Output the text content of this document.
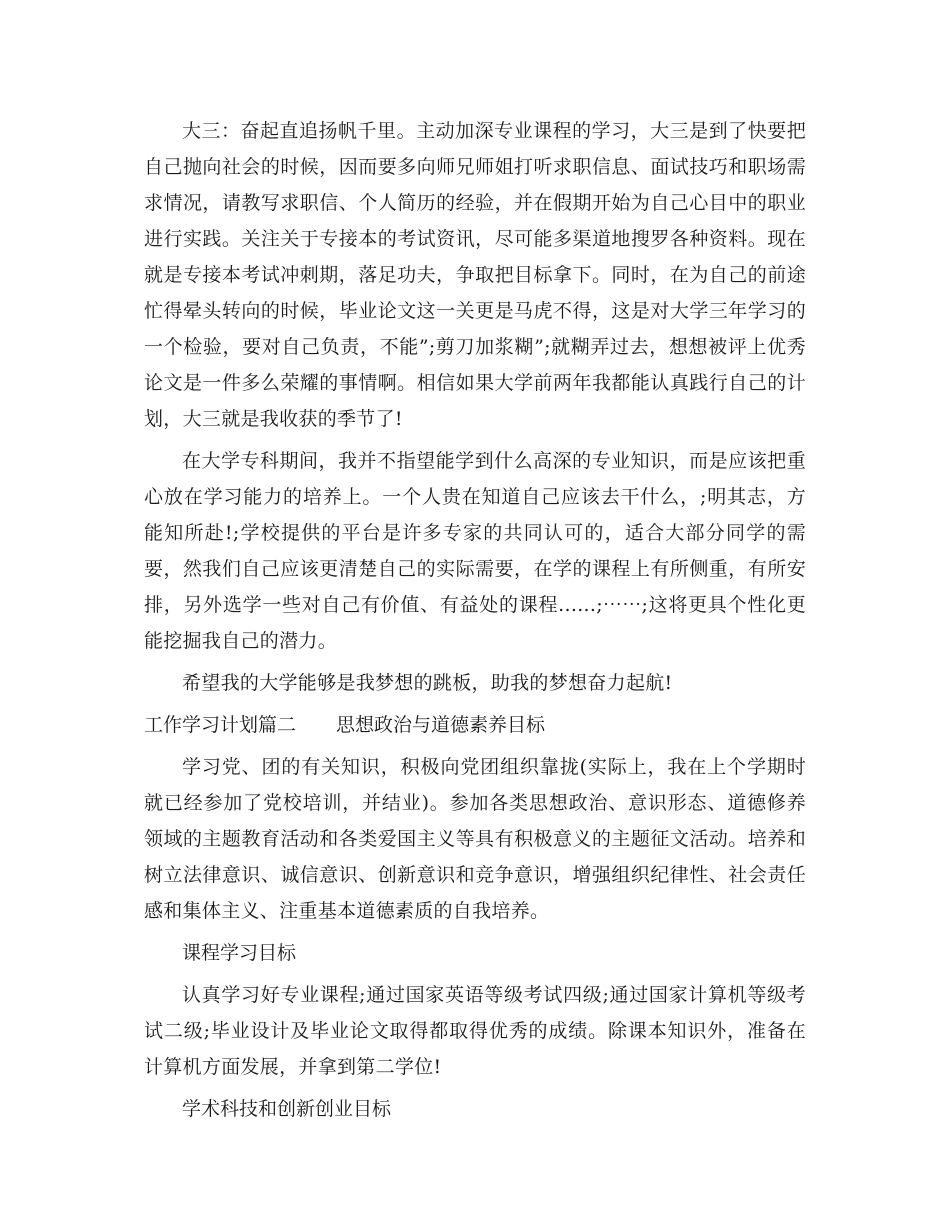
大三：奋起直追扬帆千里。主动加深专业课程的学习，大三是到了快要把自己抛向社会的时候，因而要多向师兄师姐打听求职信息、面试技巧和职场需求情况，请教写求职信、个人简历的经验，并在假期开始为自己心目中的职业进行实践。关注关于专接本的考试资讯，尽可能多渠道地搜罗各种资料。现在就是专接本考试冲刺期，落足功夫，争取把目标拿下。同时，在为自己的前途忙得晕头转向的时候，毕业论文这一关更是马虎不得，这是对大学三年学习的一个检验，要对自己负责，不能”;剪刀加浆糊”;就糊弄过去，想想被评上优秀论文是一件多么荣耀的事情啊。相信如果大学前两年我都能认真践行自己的计划，大三就是我收获的季节了!

在大学专科期间，我并不指望能学到什么高深的专业知识，而是应该把重心放在学习能力的培养上。一个人贵在知道自己应该去干什么，;明其志，方能知所赴!;学校提供的平台是许多专家的共同认可的，适合大部分同学的需要，然我们自己应该更清楚自己的实际需要，在学的课程上有所侧重，有所安排，另外选学一些对自己有价值、有益处的课程......;⋯⋯;这将更具个性化更能挖掘我自己的潜力。

希望我的大学能够是我梦想的跳板，助我的梦想奋力起航!

工作学习计划篇二 思想政治与道德素养目标

学习党、团的有关知识，积极向党团组织靠拢(实际上，我在上个学期时就已经参加了党校培训，并结业)。参加各类思想政治、意识形态、道德修养领域的主题教育活动和各类爱国主义等具有积极意义的主题征文活动。培养和树立法律意识、诚信意识、创新意识和竞争意识，增强组织纪律性、社会责任感和集体主义、注重基本道德素质的自我培养。

课程学习目标

认真学习好专业课程;通过国家英语等级考试四级;通过国家计算机等级考试二级;毕业设计及毕业论文取得都取得优秀的成绩。除课本知识外，准备在计算机方面发展，并拿到第二学位!

学术科技和创新创业目标
